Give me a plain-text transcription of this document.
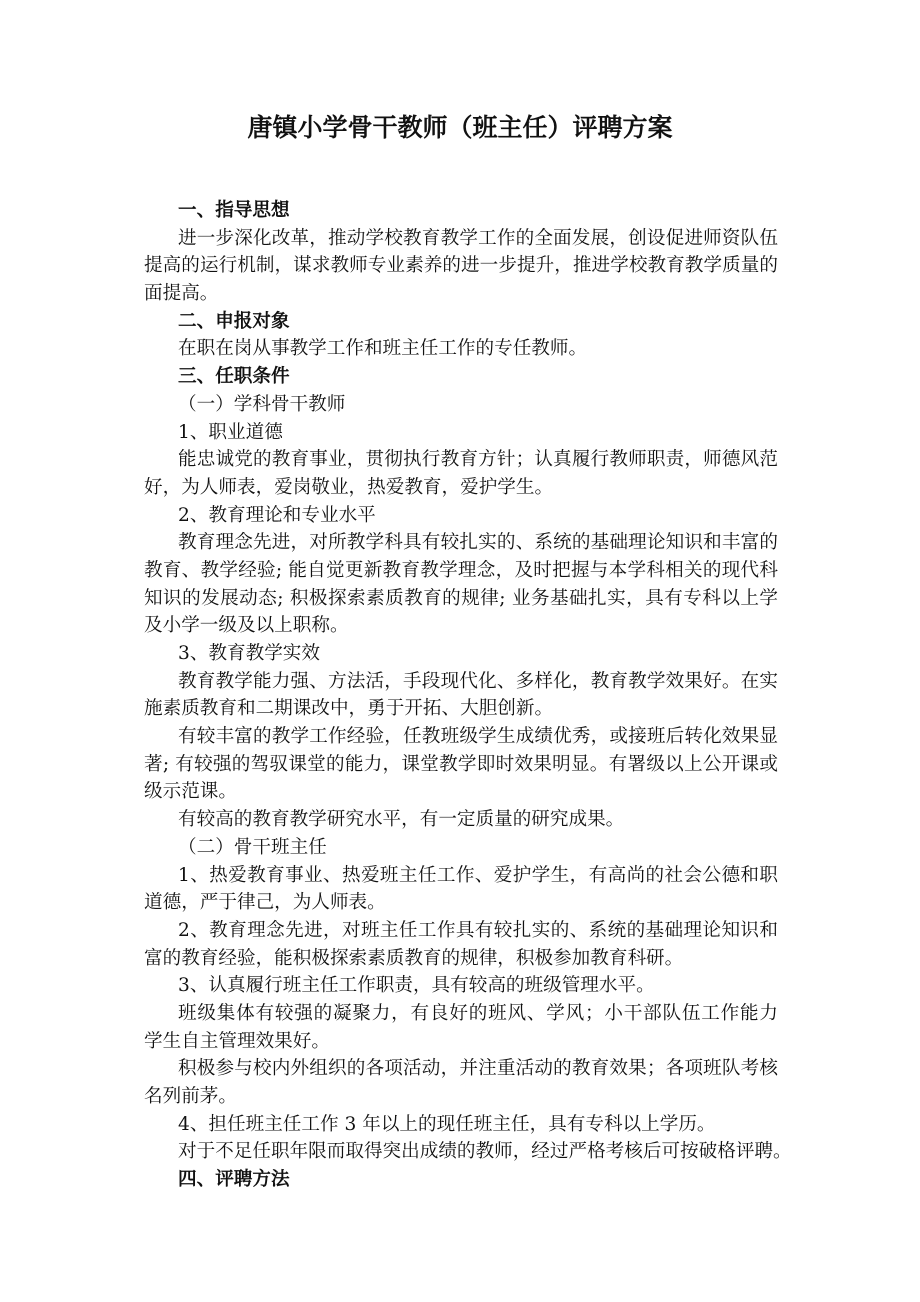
唐镇小学骨干教师（班主任）评聘方案
一、指导思想
进一步深化改革，推动学校教育教学工作的全面发展，创设促进师资队伍
提高的运行机制，谋求教师专业素养的进一步提升，推进学校教育教学质量的
面提高。
二、申报对象
在职在岗从事教学工作和班主任工作的专任教师。
三、任职条件
（一）学科骨干教师
1、职业道德
能忠诚党的教育事业，贯彻执行教育方针；认真履行教师职责，师德风范
好，为人师表，爱岗敬业，热爱教育，爱护学生。
2、教育理论和专业水平
教育理念先进，对所教学科具有较扎实的、系统的基础理论知识和丰富的
教育、教学经验; 能自觉更新教育教学理念，及时把握与本学科相关的现代科
知识的发展动态; 积极探索素质教育的规律; 业务基础扎实，具有专科以上学
及小学一级及以上职称。
3、教育教学实效
教育教学能力强、方法活，手段现代化、多样化，教育教学效果好。在实
施素质教育和二期课改中，勇于开拓、大胆创新。
有较丰富的教学工作经验，任教班级学生成绩优秀，或接班后转化效果显
著; 有较强的驾驭课堂的能力，课堂教学即时效果明显。有署级以上公开课或
级示范课。
有较高的教育教学研究水平，有一定质量的研究成果。
（二）骨干班主任
1、热爱教育事业、热爱班主任工作、爱护学生，有高尚的社会公德和职
道德，严于律己，为人师表。
2、教育理念先进，对班主任工作具有较扎实的、系统的基础理论知识和
富的教育经验，能积极探索素质教育的规律，积极参加教育科研。
3、认真履行班主任工作职责，具有较高的班级管理水平。
班级集体有较强的凝聚力，有良好的班风、学风；小干部队伍工作能力
学生自主管理效果好。
积极参与校内外组织的各项活动，并注重活动的教育效果；各项班队考核
名列前茅。
4、担任班主任工作 3 年以上的现任班主任，具有专科以上学历。
对于不足任职年限而取得突出成绩的教师，经过严格考核后可按破格评聘。
四、评聘方法
